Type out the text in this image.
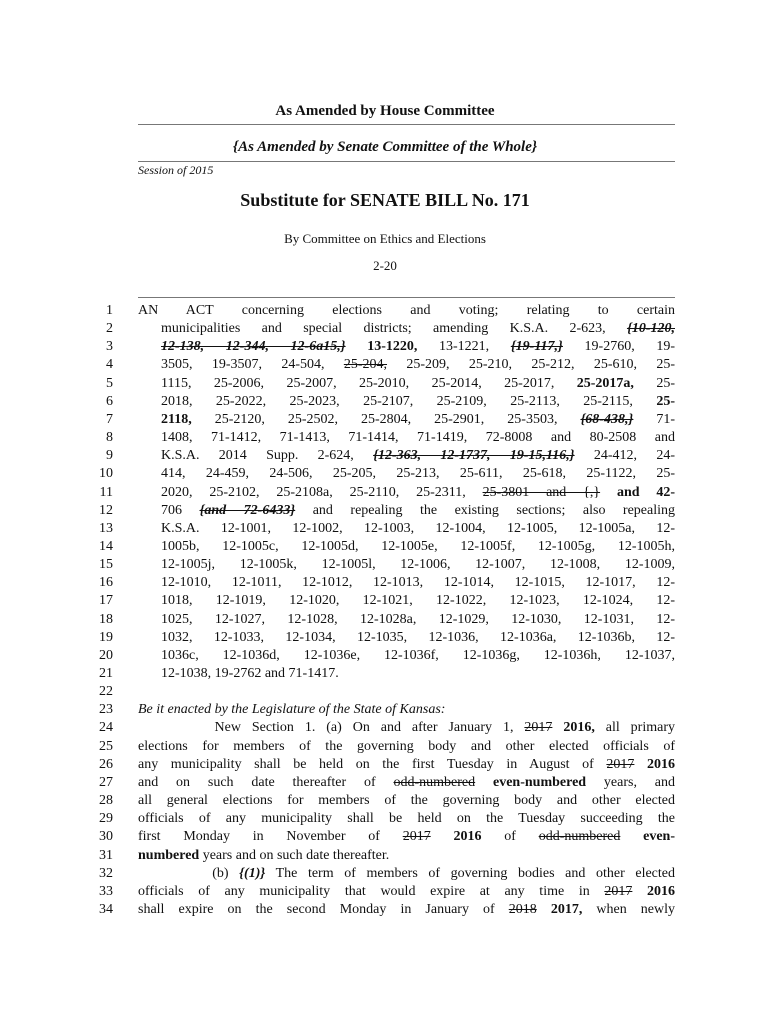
As Amended by House Committee
{As Amended by Senate Committee of the Whole}
Session of 2015
Substitute for SENATE BILL No. 171
By Committee on Ethics and Elections
2-20
1 AN ACT concerning elections and voting; relating to certain
2	municipalities and special districts; amending K.S.A. 2-623, {10-120,
3	12-138, 12-344, 12-6a15,} 13-1220, 13-1221, {19-117,} 19-2760, 19-
4	3505, 19-3507, 24-504, 25-204, 25-209, 25-210, 25-212, 25-610, 25-
5	1115, 25-2006, 25-2007, 25-2010, 25-2014, 25-2017, 25-2017a, 25-
6	2018, 25-2022, 25-2023, 25-2107, 25-2109, 25-2113, 25-2115, 25-
7	2118, 25-2120, 25-2502, 25-2804, 25-2901, 25-3503, {68-438,} 71-
8	1408, 71-1412, 71-1413, 71-1414, 71-1419, 72-8008 and 80-2508 and
9	K.S.A. 2014 Supp. 2-624, {12-363, 12-1737, 19-15,116,} 24-412, 24-
10	414, 24-459, 24-506, 25-205, 25-213, 25-611, 25-618, 25-1122, 25-
11	2020, 25-2102, 25-2108a, 25-2110, 25-2311, 25-3801 and {,} and 42-
12	706 {and 72-6433} and repealing the existing sections; also repealing
13	K.S.A. 12-1001, 12-1002, 12-1003, 12-1004, 12-1005, 12-1005a, 12-
14	1005b, 12-1005c, 12-1005d, 12-1005e, 12-1005f, 12-1005g, 12-1005h,
15	12-1005j, 12-1005k, 12-1005l, 12-1006, 12-1007, 12-1008, 12-1009,
16	12-1010, 12-1011, 12-1012, 12-1013, 12-1014, 12-1015, 12-1017, 12-
17	1018, 12-1019, 12-1020, 12-1021, 12-1022, 12-1023, 12-1024, 12-
18	1025, 12-1027, 12-1028, 12-1028a, 12-1029, 12-1030, 12-1031, 12-
19	1032, 12-1033, 12-1034, 12-1035, 12-1036, 12-1036a, 12-1036b, 12-
20	1036c, 12-1036d, 12-1036e, 12-1036f, 12-1036g, 12-1036h, 12-1037,
21	12-1038, 19-2762 and 71-1417.
22
23 Be it enacted by the Legislature of the State of Kansas:
24 New Section 1. (a) On and after January 1, 2017 2016, all primary
25 elections for members of the governing body and other elected officials of
26 any municipality shall be held on the first Tuesday in August of 2017 2016
27 and on such date thereafter of odd-numbered even-numbered years, and
28 all general elections for members of the governing body and other elected
29 officials of any municipality shall be held on the Tuesday succeeding the
30 first Monday in November of 2017 2016 of odd-numbered even-
31 numbered years and on such date thereafter.
32 (b) {(1)} The term of members of governing bodies and other elected
33 officials of any municipality that would expire at any time in 2017 2016
34 shall expire on the second Monday in January of 2018 2017, when newly
